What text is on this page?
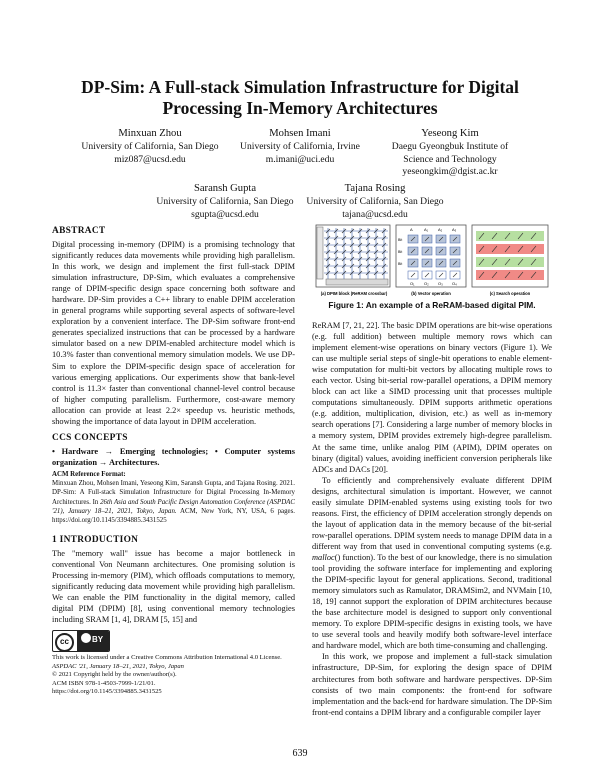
DP-Sim: A Full-stack Simulation Infrastructure for Digital
Processing In-Memory Architectures
Minxuan Zhou
University of California, San Diego
miz087@ucsd.edu
Mohsen Imani
University of California, Irvine
m.imani@uci.edu
Yeseong Kim
Daegu Gyeongbuk Institute of
Science and Technology
yeseongkim@dgist.ac.kr
Saransh Gupta
University of California, San Diego
sgupta@ucsd.edu
Tajana Rosing
University of California, San Diego
tajana@ucsd.edu
ABSTRACT

Digital processing in-memory (DPIM) is a promising technology that significantly reduces data movements while providing high parallelism. In this work, we design and implement the first full-stack DPIM simulation infrastructure, DP-Sim, which evaluates a comprehensive range of DPIM-specific design space concerning both software and hardware. DP-Sim provides a C++ library to enable DPIM acceleration in general programs while supporting several aspects of software-level exploration by a convenient interface. The DP-Sim software front-end generates specialized instructions that can be processed by a hardware simulator based on a new DPIM-enabled architecture model which is 10.3% faster than conventional memory simulation models. We use DP-Sim to explore the DPIM-specific design space of acceleration for various emerging applications. Our experiments show that bank-level control is 11.3× faster than conventional channel-level control because of higher computing parallelism. Furthermore, cost-aware memory allocation can provide at least 2.2× speedup vs. heuristic methods, showing the importance of data layout in DPIM acceleration.

CCS CONCEPTS

• Hardware → Emerging technologies; • Computer systems organization → Architectures.

ACM Reference Format:
Minxuan Zhou, Mohsen Imani, Yeseong Kim, Saransh Gupta, and Tajana Rosing. 2021. DP-Sim: A Full-stack Simulation Infrastructure for Digital Processing In-Memory Architectures. In 26th Asia and South Pacific Design Automation Conference (ASPDAC '21), January 18–21, 2021, Tokyo, Japan. ACM, New York, NY, USA, 6 pages. https://doi.org/10.1145/3394885.3431525
1 INTRODUCTION

The "memory wall" issue has become a major bottleneck in conventional Von Neumann architectures. One promising solution is Processing in-memory (PIM), which offloads computations to memory, significantly reducing data movement while providing high parallelism. We can enable the PIM functionality in the digital memory, called digital PIM (DPIM) [8], using conventional memory technologies including SRAM [1, 4], DRAM [5, 15] and

cc	BY
This work is licensed under a Creative Commons Attribution International 4.0 License.
ASPDAC '21, January 18–21, 2021, Tokyo, Japan
© 2021 Copyright held by the owner/author(s).
ACM ISBN 978-1-4503-7999-1/21/01.
https://doi.org/10.1145/3394885.3431525
(a) DPIM block (ReRAM crossbar)
A	A₁ A₂ A₃
Bit
Bit
Bit
O₁ O₂ O₃ O₄
(b) Vector operation	(c) Search operation
Figure 1: An example of a ReRAM-based digital PIM.

ReRAM [7, 21, 22]. The basic DPIM operations are bit-wise operations (e.g. full addition) between multiple memory rows which can implement element-wise operations on binary vectors (Figure 1). We can use multiple serial steps of single-bit operations to enable element-wise computation for multi-bit vectors by allocating multiple rows to each vector. Using bit-serial row-parallel operations, a DPIM memory block can act like a SIMD processing unit that processes multiple computations simultaneously. DPIM supports arithmetic operations (e.g. addition, multiplication, division, etc.) as well as in-memory search operations [7]. Considering a large number of memory blocks in a memory system, DPIM provides extremely high-degree parallelism. At the same time, unlike analog PIM (APIM), DPIM operates on binary (digital) values, avoiding inefficient conversion peripherals like ADCs and DACs [20].

To efficiently and comprehensively evaluate different DPIM designs, architectural simulation is important. However, we cannot easily simulate DPIM-enabled systems using existing tools for two reasons. First, the efficiency of DPIM acceleration strongly depends on the layout of application data in the memory because of the bit-serial row-parallel operations. DPIM system needs to manage DPIM data in a different way from that used in conventional computing systems (e.g. malloc() function). To the best of our knowledge, there is no simulation tool providing the software interface for implementing and exploring the DPIM-specific layout for general applications. Second, traditional memory simulators such as Ramulator, DRAMSim2, and NVMain [10, 18, 19] cannot support the exploration of DPIM architectures because the base architecture model is designed to support only conventional memory. To explore DPIM-specific designs in existing tools, we have to use several tools and heavily modify both software-level interface and hardware model, which are both time-consuming and challenging.

In this work, we propose and implement a full-stack simulation infrastructure, DP-Sim, for exploring the design space of DPIM architectures from both software and hardware perspectives. DP-Sim consists of two main components: the front-end for software implementation and the back-end for hardware simulation. The DP-Sim front-end contains a DPIM library and a configurable compiler layer

639
